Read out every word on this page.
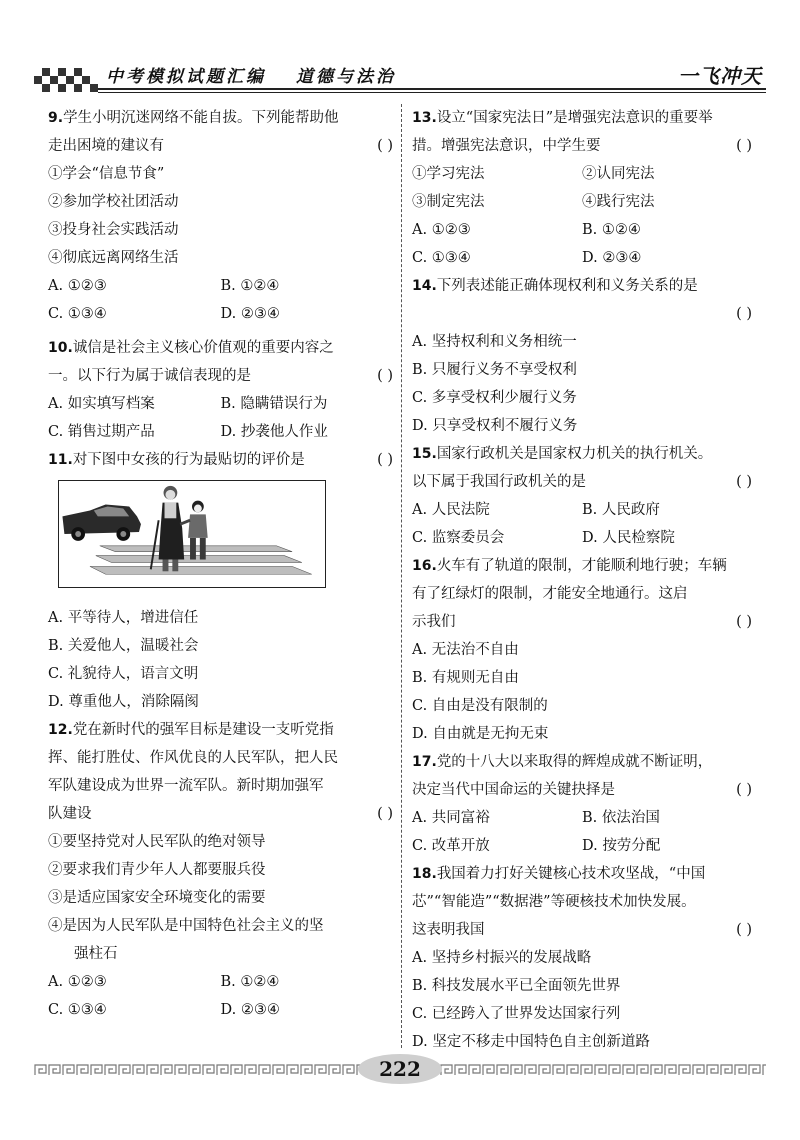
中考模拟试题汇编 道德与法治	一飞冲天
9.学生小明沉迷网络不能自拔。下列能帮助他
走出困境的建议有	( )
①学会“信息节食”
②参加学校社团活动
③投身社会实践活动
④彻底远离网络生活
A. ①②③	B. ①②④
C. ①③④	D. ②③④
10.诚信是社会主义核心价值观的重要内容之
一。以下行为属于诚信表现的是	( )
A. 如实填写档案	B. 隐瞒错误行为
C. 销售过期产品	D. 抄袭他人作业
11.对下图中女孩的行为最贴切的评价是	( )
A. 平等待人，增进信任
B. 关爱他人，温暖社会
C. 礼貌待人，语言文明
D. 尊重他人，消除隔阂
12.党在新时代的强军目标是建设一支听党指
挥、能打胜仗、作风优良的人民军队，把人民
军队建设成为世界一流军队。新时期加强军
队建设	( )
①要坚持党对人民军队的绝对领导
②要求我们青少年人人都要服兵役
③是适应国家安全环境变化的需要
④是因为人民军队是中国特色社会主义的坚
强柱石
A. ①②③	B. ①②④
C. ①③④	D. ②③④
13.设立“国家宪法日”是增强宪法意识的重要举
措。增强宪法意识，中学生要	( )
①学习宪法	②认同宪法
③制定宪法	④践行宪法
A. ①②③	B. ①②④
C. ①③④	D. ②③④
14.下列表述能正确体现权利和义务关系的是

( )
A. 坚持权利和义务相统一
B. 只履行义务不享受权利
C. 多享受权利少履行义务
D. 只享受权利不履行义务
15.国家行政机关是国家权力机关的执行机关。
以下属于我国行政机关的是	( )
A. 人民法院	B. 人民政府
C. 监察委员会	D. 人民检察院
16.火车有了轨道的限制，才能顺利地行驶；车辆
有了红绿灯的限制，才能安全地通行。这启
示我们	( )
A. 无法治不自由
B. 有规则无自由
C. 自由是没有限制的
D. 自由就是无拘无束
17.党的十八大以来取得的辉煌成就不断证明，
决定当代中国命运的关键抉择是	( )
A. 共同富裕	B. 依法治国
C. 改革开放	D. 按劳分配
18.我国着力打好关键核心技术攻坚战，“中国
芯”“智能造”“数据港”等硬核技术加快发展。
这表明我国	( )
A. 坚持乡村振兴的发展战略
B. 科技发展水平已全面领先世界
C. 已经跨入了世界发达国家行列
D. 坚定不移走中国特色自主创新道路
222
